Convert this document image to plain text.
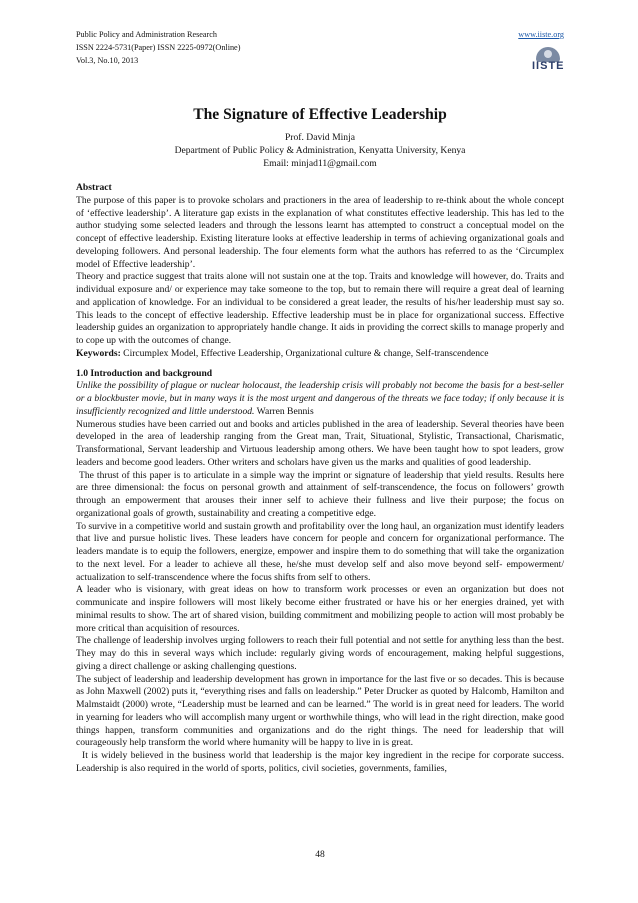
Public Policy and Administration Research
ISSN 2224-5731(Paper) ISSN 2225-0972(Online)
Vol.3, No.10, 2013
www.iiste.org
IISTE
The Signature of Effective Leadership
Prof. David Minja
Department of Public Policy & Administration, Kenyatta University, Kenya
Email: minjad11@gmail.com

Abstract

The purpose of this paper is to provoke scholars and practioners in the area of leadership to re-think about the whole concept of ‘effective leadership’. A literature gap exists in the explanation of what constitutes effective leadership. This has led to the author studying some selected leaders and through the lessons learnt has attempted to construct a conceptual model on the concept of effective leadership. Existing literature looks at effective leadership in terms of achieving organizational goals and developing followers. And personal leadership. The four elements form what the authors has referred to as the ‘Circumplex model of Effective leadership’.

Theory and practice suggest that traits alone will not sustain one at the top. Traits and knowledge will however, do. Traits and individual exposure and/ or experience may take someone to the top, but to remain there will require a great deal of learning and application of knowledge. For an individual to be considered a great leader, the results of his/her leadership must say so. This leads to the concept of effective leadership. Effective leadership must be in place for organizational success. Effective leadership guides an organization to appropriately handle change. It aids in providing the correct skills to manage properly and to cope up with the outcomes of change.

Keywords: Circumplex Model, Effective Leadership, Organizational culture & change, Self-transcendence

1.0 Introduction and background

Unlike the possibility of plague or nuclear holocaust, the leadership crisis will probably not become the basis for a best-seller or a blockbuster movie, but in many ways it is the most urgent and dangerous of the threats we face today; if only because it is insufficiently recognized and little understood. Warren Bennis

Numerous studies have been carried out and books and articles published in the area of leadership. Several theories have been developed in the area of leadership ranging from the Great man, Trait, Situational, Stylistic, Transactional, Charismatic, Transformational, Servant leadership and Virtuous leadership among others. We have been taught how to spot leaders, grow leaders and become good leaders. Other writers and scholars have given us the marks and qualities of good leadership.

The thrust of this paper is to articulate in a simple way the imprint or signature of leadership that yield results. Results here are three dimensional: the focus on personal growth and attainment of self-transcendence, the focus on followers’ growth through an empowerment that arouses their inner self to achieve their fullness and live their purpose; the focus on organizational goals of growth, sustainability and creating a competitive edge.

To survive in a competitive world and sustain growth and profitability over the long haul, an organization must identify leaders that live and pursue holistic lives. These leaders have concern for people and concern for organizational performance. The leaders mandate is to equip the followers, energize, empower and inspire them to do something that will take the organization to the next level. For a leader to achieve all these, he/she must develop self and also move beyond self- empowerment/ actualization to self-transcendence where the focus shifts from self to others.

A leader who is visionary, with great ideas on how to transform work processes or even an organization but does not communicate and inspire followers will most likely become either frustrated or have his or her energies drained, yet with minimal results to show. The art of shared vision, building commitment and mobilizing people to action will most probably be more critical than acquisition of resources.

The challenge of leadership involves urging followers to reach their full potential and not settle for anything less than the best. They may do this in several ways which include: regularly giving words of encouragement, making helpful suggestions, giving a direct challenge or asking challenging questions.

The subject of leadership and leadership development has grown in importance for the last five or so decades. This is because as John Maxwell (2002) puts it, “everything rises and falls on leadership.” Peter Drucker as quoted by Halcomb, Hamilton and Malmstaidt (2000) wrote, “Leadership must be learned and can be learned.” The world is in great need for leaders. The world in yearning for leaders who will accomplish many urgent or worthwhile things, who will lead in the right direction, make good things happen, transform communities and organizations and do the right things. The need for leadership that will courageously help transform the world where humanity will be happy to live in is great.

It is widely believed in the business world that leadership is the major key ingredient in the recipe for corporate success. Leadership is also required in the world of sports, politics, civil societies, governments, families,

48
